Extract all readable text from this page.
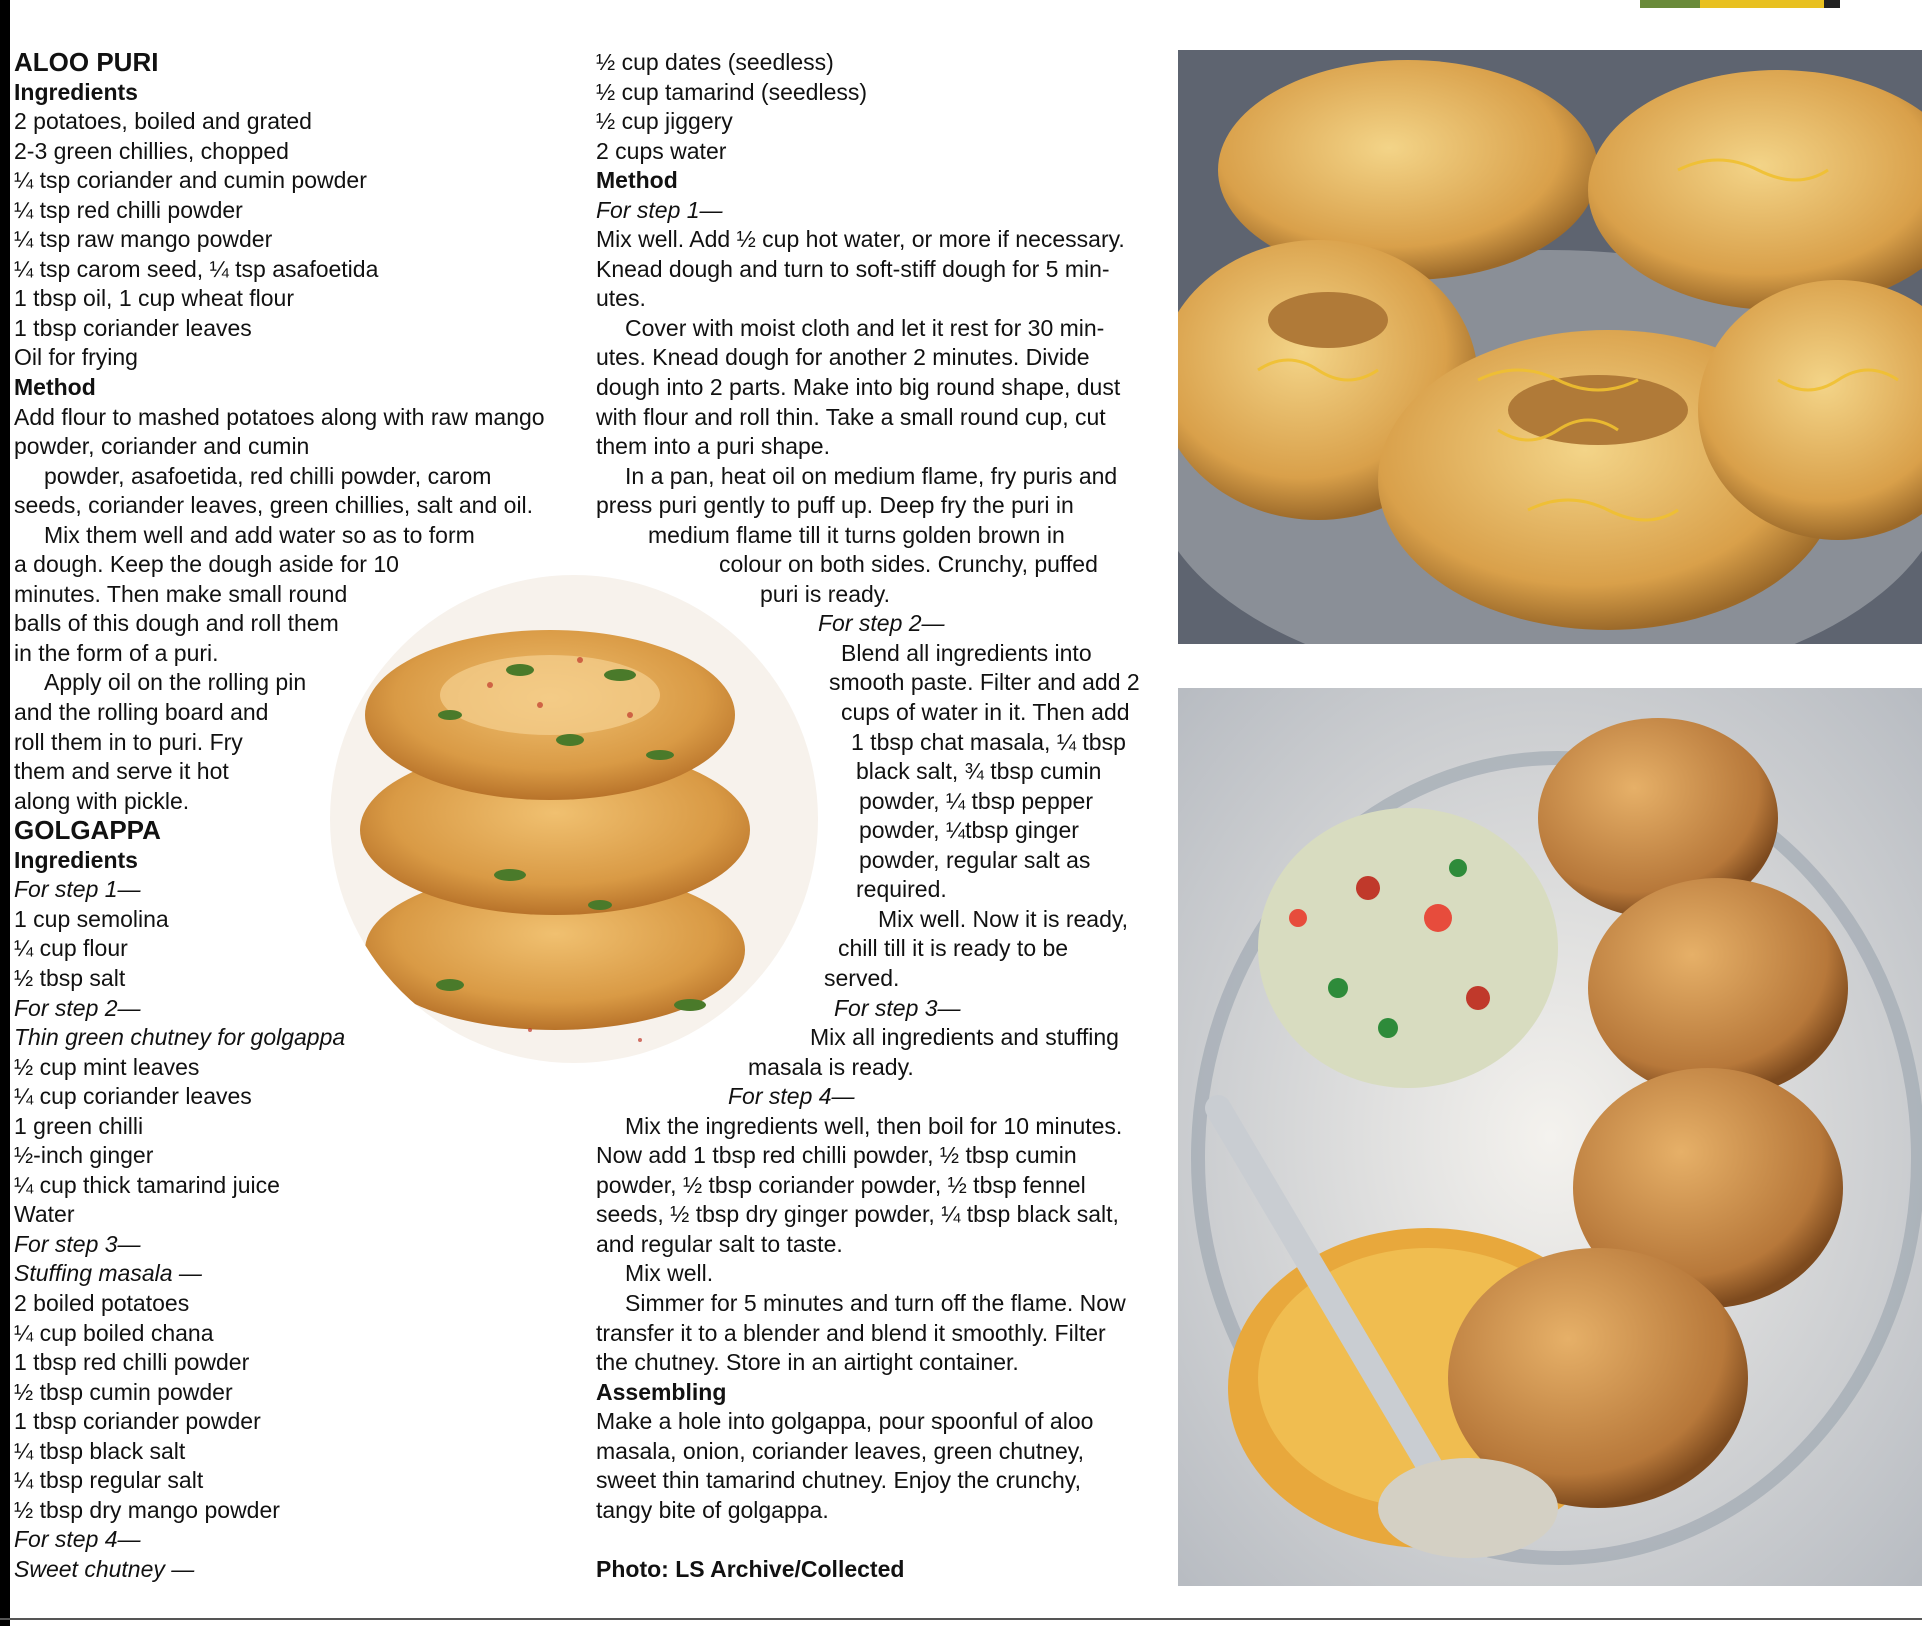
ALOO PURI
Ingredients
2 potatoes, boiled and grated
2-3 green chillies, chopped
¼ tsp coriander and cumin powder
¼ tsp red chilli powder
¼ tsp raw mango powder
¼ tsp carom seed, ¼ tsp asafoetida
1 tbsp oil, 1 cup wheat flour
1 tbsp coriander leaves
Oil for frying
Method
Add flour to mashed potatoes along with raw mango
powder, coriander and cumin
powder, asafoetida, red chilli powder, carom
seeds, coriander leaves, green chillies, salt and oil.
Mix them well and add water so as to form
a dough. Keep the dough aside for 10
minutes. Then make small round
balls of this dough and roll them
in the form of a puri.
Apply oil on the rolling pin
and the rolling board and
roll them in to puri. Fry
them and serve it hot
along with pickle.
GOLGAPPA
Ingredients
For step 1—
1 cup semolina
¼ cup flour
½ tbsp salt
For step 2—
Thin green chutney for golgappa
½ cup mint leaves
¼ cup coriander leaves
1 green chilli
½-inch ginger
¼ cup thick tamarind juice
Water
For step 3—
Stuffing masala —
2 boiled potatoes
¼ cup boiled chana
1 tbsp red chilli powder
½ tbsp cumin powder
1 tbsp coriander powder
¼ tbsp black salt
¼ tbsp regular salt
½ tbsp dry mango powder
For step 4—
Sweet chutney —
½ cup dates (seedless)
½ cup tamarind (seedless)
½ cup jiggery
2 cups water
Method
For step 1—
Mix well. Add ½ cup hot water, or more if necessary.
Knead dough and turn to soft-stiff dough for 5 min-
utes.
Cover with moist cloth and let it rest for 30 min-
utes. Knead dough for another 2 minutes. Divide
dough into 2 parts. Make into big round shape, dust
with flour and roll thin. Take a small round cup, cut
them into a puri shape.
In a pan, heat oil on medium flame, fry puris and
press puri gently to puff up. Deep fry the puri in
medium flame till it turns golden brown in
colour on both sides. Crunchy, puffed
puri is ready.
For step 2—
Blend all ingredients into
smooth paste. Filter and add 2
cups of water in it. Then add
1 tbsp chat masala, ¼ tbsp
black salt, ¾ tbsp cumin
powder, ¼ tbsp pepper
powder, ¼tbsp ginger
powder, regular salt as
required.
Mix well. Now it is ready,
chill till it is ready to be
served.
For step 3—
Mix all ingredients and stuffing
masala is ready.
For step 4—
Mix the ingredients well, then boil for 10 minutes.
Now add 1 tbsp red chilli powder, ½ tbsp cumin
powder, ½ tbsp coriander powder, ½ tbsp fennel
seeds, ½ tbsp dry ginger powder, ¼ tbsp black salt,
and regular salt to taste.
Mix well.
Simmer for 5 minutes and turn off the flame. Now
transfer it to a blender and blend it smoothly. Filter
the chutney. Store in an airtight container.
Assembling
Make a hole into golgappa, pour spoonful of aloo
masala, onion, coriander leaves, green chutney,
sweet thin tamarind chutney. Enjoy the crunchy,
tangy bite of golgappa.
Photo: LS Archive/Collected
